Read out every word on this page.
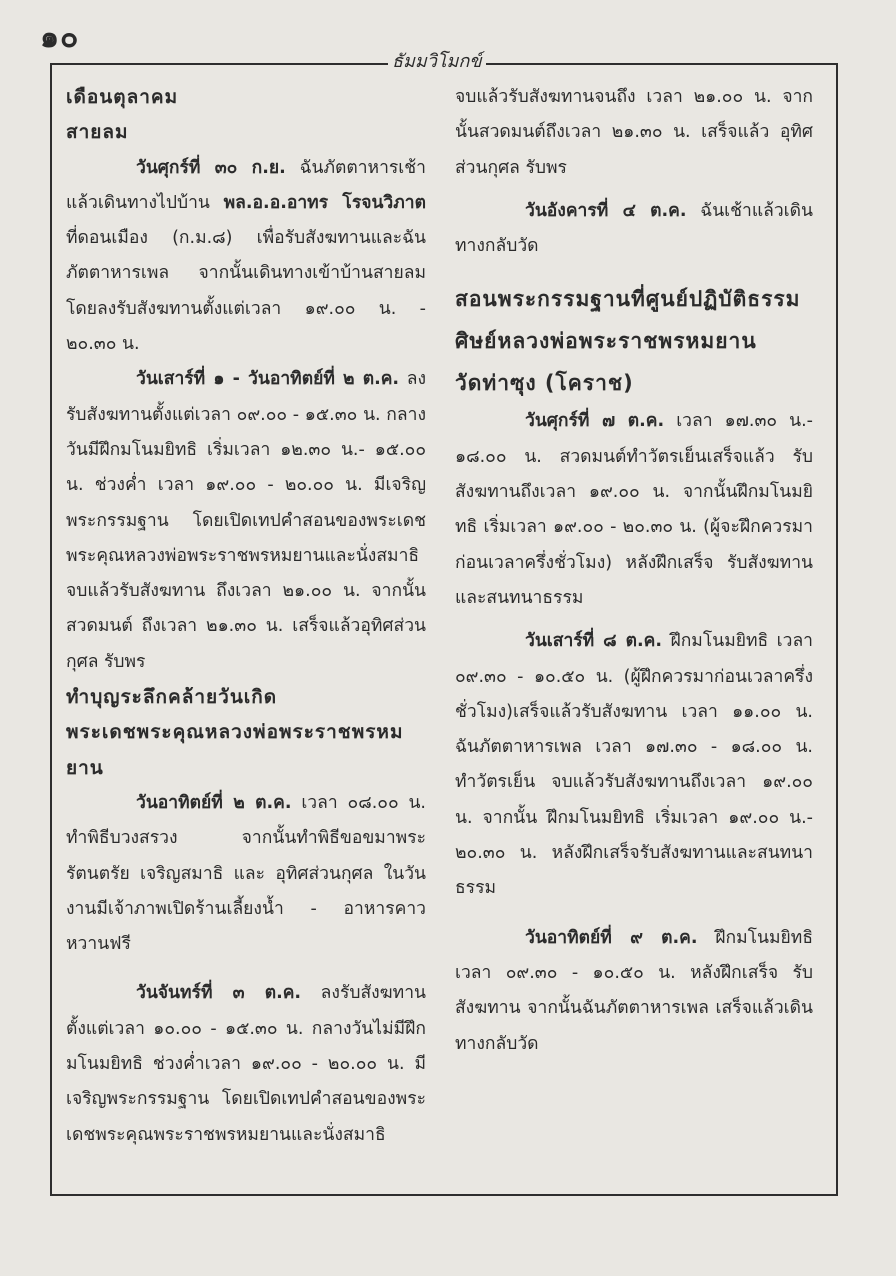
๑๐
ธัมมวิโมกข์

เดือนตุลาคม

สายลม

วันศุกร์ที่ ๓๐ ก.ย. ฉันภัตตาหารเช้าแล้วเดินทางไปบ้าน พล.อ.อ.อาทร โรจนวิภาต ที่ดอนเมือง (ก.ม.๘) เพื่อรับสังฆทานและฉันภัตตาหารเพล จากนั้นเดินทางเข้าบ้านสายลม โดยลงรับสังฆทานตั้งแต่เวลา ๑๙.๐๐ น. - ๒๐.๓๐ น.

วันเสาร์ที่ ๑ - วันอาทิตย์ที่ ๒ ต.ค. ลงรับสังฆทานตั้งแต่เวลา ๐๙.๐๐ - ๑๕.๓๐ น. กลางวันมีฝึกมโนมยิทธิ เริ่มเวลา ๑๒.๓๐ น.- ๑๕.๐๐ น. ช่วงค่ำ เวลา ๑๙.๐๐ - ๒๐.๐๐ น. มีเจริญพระกรรมฐาน โดยเปิดเทปคำสอนของพระเดชพระคุณหลวงพ่อพระราชพรหมยานและนั่งสมาธิ จบแล้วรับสังฆทาน ถึงเวลา ๒๑.๐๐ น. จากนั้นสวดมนต์ ถึงเวลา ๒๑.๓๐ น. เสร็จแล้วอุทิศส่วนกุศล รับพร

ทำบุญระลึกคล้ายวันเกิด

พระเดชพระคุณหลวงพ่อพระราชพรหมยาน

วันอาทิตย์ที่ ๒ ต.ค. เวลา ๐๘.๐๐ น. ทำพิธีบวงสรวง จากนั้นทำพิธีขอขมาพระรัตนตรัย เจริญสมาธิ และ อุทิศส่วนกุศล ในวันงานมีเจ้าภาพเปิดร้านเลี้ยงน้ำ - อาหารคาวหวานฟรี

วันจันทร์ที่ ๓ ต.ค. ลงรับสังฆทานตั้งแต่เวลา ๑๐.๐๐ - ๑๕.๓๐ น. กลางวันไม่มีฝึกมโนมยิทธิ ช่วงค่ำเวลา ๑๙.๐๐ - ๒๐.๐๐ น. มีเจริญพระกรรมฐาน โดยเปิดเทปคำสอนของพระเดชพระคุณพระราชพรหมยานและนั่งสมาธิ

จบแล้วรับสังฆทานจนถึง เวลา ๒๑.๐๐ น. จากนั้นสวดมนต์ถึงเวลา ๒๑.๓๐ น. เสร็จแล้ว อุทิศส่วนกุศล รับพร

วันอังคารที่ ๔ ต.ค. ฉันเช้าแล้วเดินทางกลับวัด

สอนพระกรรมฐานที่ศูนย์ปฏิบัติธรรม

ศิษย์หลวงพ่อพระราชพรหมยาน

วัดท่าซุง (โคราช)

วันศุกร์ที่ ๗ ต.ค. เวลา ๑๗.๓๐ น.- ๑๘.๐๐ น. สวดมนต์ทำวัตรเย็นเสร็จแล้ว รับสังฆทานถึงเวลา ๑๙.๐๐ น. จากนั้นฝึกมโนมยิทธิ เริ่มเวลา ๑๙.๐๐ - ๒๐.๓๐ น. (ผู้จะฝึกควรมาก่อนเวลาครึ่งชั่วโมง) หลังฝึกเสร็จ รับสังฆทานและสนทนาธรรม

วันเสาร์ที่ ๘ ต.ค. ฝึกมโนมยิทธิ เวลา ๐๙.๓๐ - ๑๐.๕๐ น. (ผู้ฝึกควรมาก่อนเวลาครึ่งชั่วโมง)เสร็จแล้วรับสังฆทาน เวลา ๑๑.๐๐ น. ฉันภัตตาหารเพล เวลา ๑๗.๓๐ - ๑๘.๐๐ น. ทำวัตรเย็น จบแล้วรับสังฆทานถึงเวลา ๑๙.๐๐ น. จากนั้น ฝึกมโนมยิทธิ เริ่มเวลา ๑๙.๐๐ น.- ๒๐.๓๐ น. หลังฝึกเสร็จรับสังฆทานและสนทนาธรรม

วันอาทิตย์ที่ ๙ ต.ค. ฝึกมโนมยิทธิ เวลา ๐๙.๓๐ - ๑๐.๕๐ น. หลังฝึกเสร็จ รับสังฆทาน จากนั้นฉันภัตตาหารเพล เสร็จแล้วเดินทางกลับวัด
